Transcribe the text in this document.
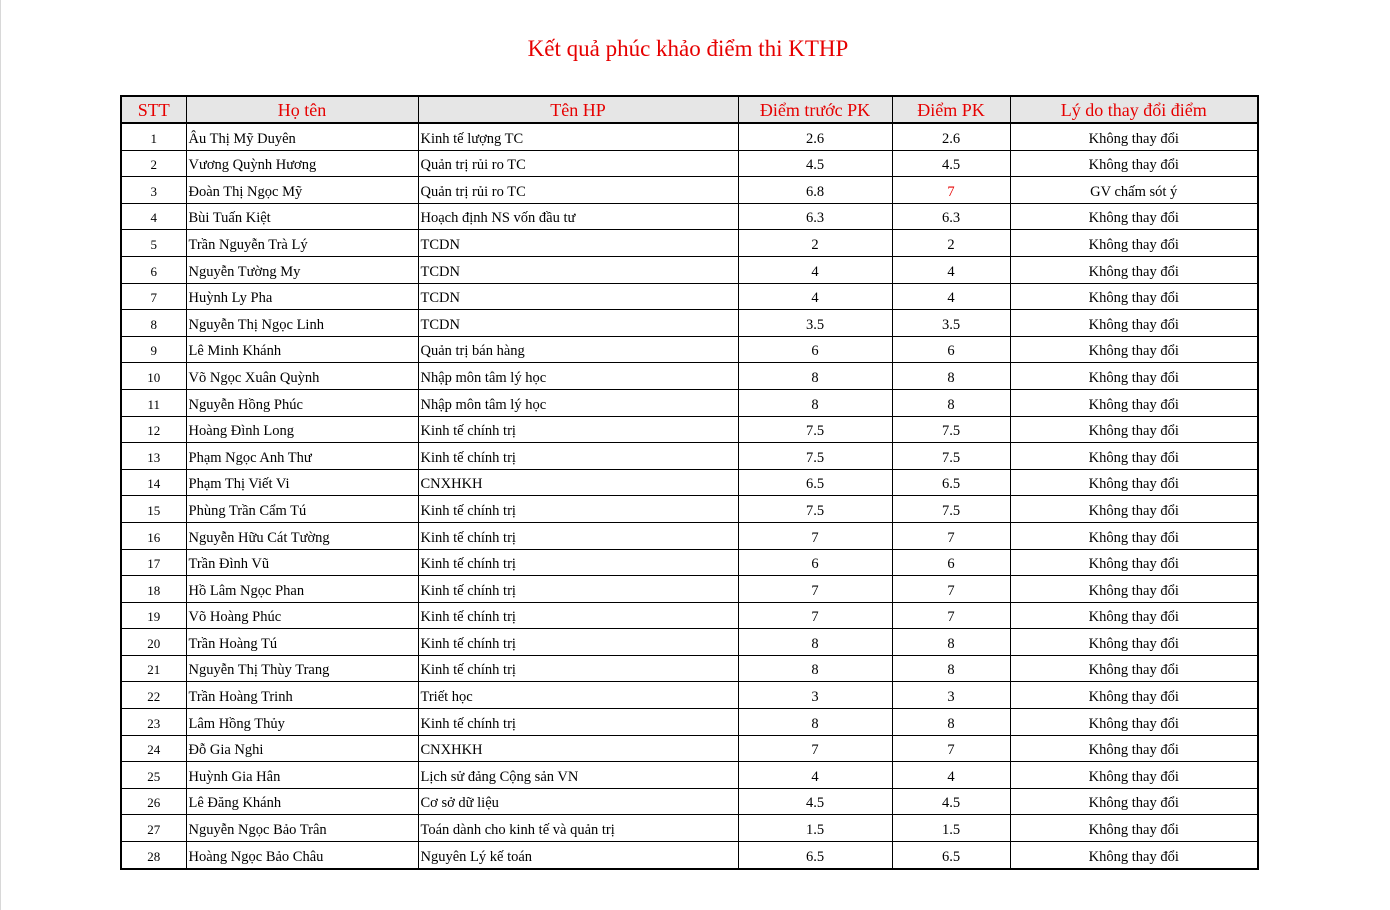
Kết quả phúc khảo điểm thi KTHP
STT	Họ tên	Tên HP	Điểm trước PK	Điểm PK	Lý do thay đổi điểm
1	Âu Thị Mỹ Duyên	Kinh tế lượng TC	2.6	2.6	Không thay đổi
2	Vương Quỳnh Hương	Quản trị rủi ro TC	4.5	4.5	Không thay đổi
3	Đoàn Thị Ngọc Mỹ	Quản trị rủi ro TC	6.8	7	GV chấm sót ý
4	Bùi Tuấn Kiệt	Hoạch định NS vốn đầu tư	6.3	6.3	Không thay đổi
5	Trần Nguyễn Trà Lý	TCDN	2	2	Không thay đổi
6	Nguyễn Tường My	TCDN	4	4	Không thay đổi
7	Huỳnh Ly Pha	TCDN	4	4	Không thay đổi
8	Nguyễn Thị Ngọc Linh	TCDN	3.5	3.5	Không thay đổi
9	Lê Minh Khánh	Quản trị bán hàng	6	6	Không thay đổi
10	Võ Ngọc Xuân Quỳnh	Nhập môn tâm lý học	8	8	Không thay đổi
11	Nguyễn Hồng Phúc	Nhập môn tâm lý học	8	8	Không thay đổi
12	Hoàng Đình Long	Kinh tế chính trị	7.5	7.5	Không thay đổi
13	Phạm Ngọc Anh Thư	Kinh tế chính trị	7.5	7.5	Không thay đổi
14	Phạm Thị Viết Vi	CNXHKH	6.5	6.5	Không thay đổi
15	Phùng Trần Cẩm Tú	Kinh tế chính trị	7.5	7.5	Không thay đổi
16	Nguyễn Hữu Cát Tường	Kinh tế chính trị	7	7	Không thay đổi
17	Trần Đình Vũ	Kinh tế chính trị	6	6	Không thay đổi
18	Hồ Lâm Ngọc Phan	Kinh tế chính trị	7	7	Không thay đổi
19	Võ Hoàng Phúc	Kinh tế chính trị	7	7	Không thay đổi
20	Trần Hoàng Tú	Kinh tế chính trị	8	8	Không thay đổi
21	Nguyễn Thị Thùy Trang	Kinh tế chính trị	8	8	Không thay đổi
22	Trần Hoàng Trinh	Triết học	3	3	Không thay đổi
23	Lâm Hồng Thủy	Kinh tế chính trị	8	8	Không thay đổi
24	Đỗ Gia Nghi	CNXHKH	7	7	Không thay đổi
25	Huỳnh Gia Hân	Lịch sử đảng Cộng sản VN	4	4	Không thay đổi
26	Lê Đăng Khánh	Cơ sở dữ liệu	4.5	4.5	Không thay đổi
27	Nguyễn Ngọc Bảo Trân	Toán dành cho kinh tế và quản trị	1.5	1.5	Không thay đổi
28	Hoàng Ngọc Bảo Châu	Nguyên Lý kế toán	6.5	6.5	Không thay đổi
